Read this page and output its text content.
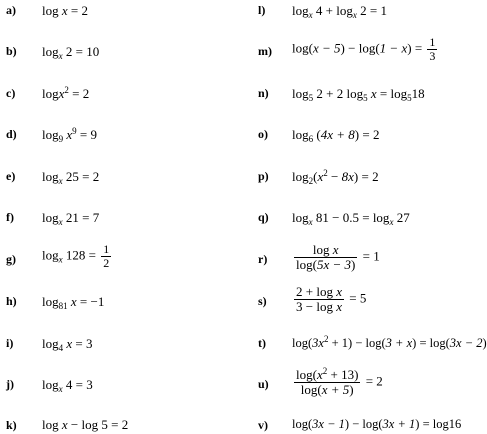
a)
b)
c)
d)
e)
f)
g)
h)
i)
j)
k)
l)
m)
n)
o)
p)
q)
r)
s)
t)
u)
v)
log x = 2
$\log_x 2 = 10$
logx$^2$ = 2
$\log_9 x^9 = 9$
$\log_x 25 = 2$
$\log_x 21 = 7$
$\log_x 128 = \frac{1}{2}$
$\log_{81} x = -1$
$\log_4 x = 3$
$\log_x 4 = 3$
log x − log 5 = 2
$\log_x 4 + \log_x 2 = 1$
$\log(x - 5) - \log(1 - x) = \frac{1}{3}$
$\log_5 2 + 2$ $\log_5 x = \log_518$
$\log_6 (4x + 8) = 2$
$\log_2(x^2 - 8x) = 2$
$\log_x 81 - 0.5 = \log_x 27$
$\frac{\text{log x}}{\log(5x - 3)} = 1$
$\frac{\text{2 + log x}}{\text{3 − log x}} = 5$
$\log(3x^2 + 1) - \log(3 + x) = \log(3x - 2)$
$\frac{\log(x^2 + 13)}{\log(x + 5)} = 2$
log(3x − 1) − log(3x + 1) = log16
